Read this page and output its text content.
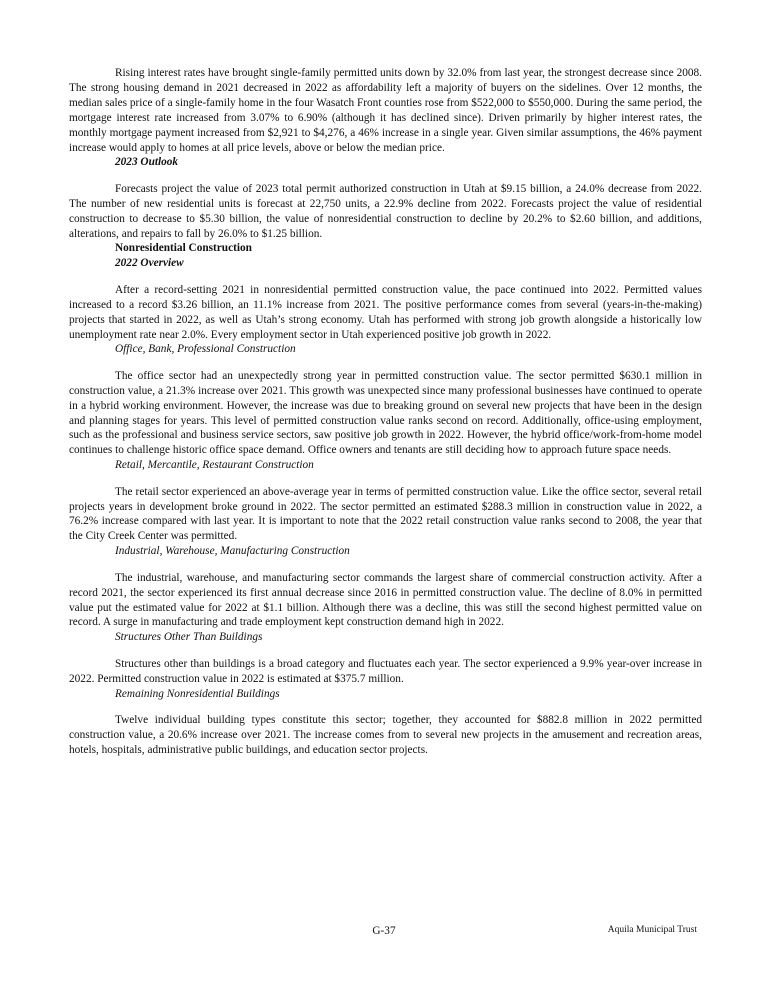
Rising interest rates have brought single-family permitted units down by 32.0% from last year, the strongest decrease since 2008. The strong housing demand in 2021 decreased in 2022 as affordability left a majority of buyers on the sidelines. Over 12 months, the median sales price of a single-family home in the four Wasatch Front counties rose from $522,000 to $550,000. During the same period, the mortgage interest rate increased from 3.07% to 6.90% (although it has declined since). Driven primarily by higher interest rates, the monthly mortgage payment increased from $2,921 to $4,276, a 46% increase in a single year. Given similar assumptions, the 46% payment increase would apply to homes at all price levels, above or below the median price.

2023 Outlook

Forecasts project the value of 2023 total permit authorized construction in Utah at $9.15 billion, a 24.0% decrease from 2022. The number of new residential units is forecast at 22,750 units, a 22.9% decline from 2022. Forecasts project the value of residential construction to decrease to $5.30 billion, the value of nonresidential construction to decline by 20.2% to $2.60 billion, and additions, alterations, and repairs to fall by 26.0% to $1.25 billion.

Nonresidential Construction
2022 Overview

After a record-setting 2021 in nonresidential permitted construction value, the pace continued into 2022. Permitted values increased to a record $3.26 billion, an 11.1% increase from 2021. The positive performance comes from several (years-in-the-making) projects that started in 2022, as well as Utah’s strong economy. Utah has performed with strong job growth alongside a historically low unemployment rate near 2.0%. Every employment sector in Utah experienced positive job growth in 2022.

Office, Bank, Professional Construction

The office sector had an unexpectedly strong year in permitted construction value. The sector permitted $630.1 million in construction value, a 21.3% increase over 2021. This growth was unexpected since many professional businesses have continued to operate in a hybrid working environment. However, the increase was due to breaking ground on several new projects that have been in the design and planning stages for years. This level of permitted construction value ranks second on record. Additionally, office-using employment, such as the professional and business service sectors, saw positive job growth in 2022. However, the hybrid office/work-from-home model continues to challenge historic office space demand. Office owners and tenants are still deciding how to approach future space needs.

Retail, Mercantile, Restaurant Construction

The retail sector experienced an above-average year in terms of permitted construction value. Like the office sector, several retail projects years in development broke ground in 2022. The sector permitted an estimated $288.3 million in construction value in 2022, a 76.2% increase compared with last year. It is important to note that the 2022 retail construction value ranks second to 2008, the year that the City Creek Center was permitted.

Industrial, Warehouse, Manufacturing Construction

The industrial, warehouse, and manufacturing sector commands the largest share of commercial construction activity. After a record 2021, the sector experienced its first annual decrease since 2016 in permitted construction value. The decline of 8.0% in permitted value put the estimated value for 2022 at $1.1 billion. Although there was a decline, this was still the second highest permitted value on record. A surge in manufacturing and trade employment kept construction demand high in 2022.

Structures Other Than Buildings

Structures other than buildings is a broad category and fluctuates each year. The sector experienced a 9.9% year-over increase in 2022. Permitted construction value in 2022 is estimated at $375.7 million.

Remaining Nonresidential Buildings

Twelve individual building types constitute this sector; together, they accounted for $882.8 million in 2022 permitted construction value, a 20.6% increase over 2021. The increase comes from to several new projects in the amusement and recreation areas, hotels, hospitals, administrative public buildings, and education sector projects.

G-37	Aquila Municipal Trust
